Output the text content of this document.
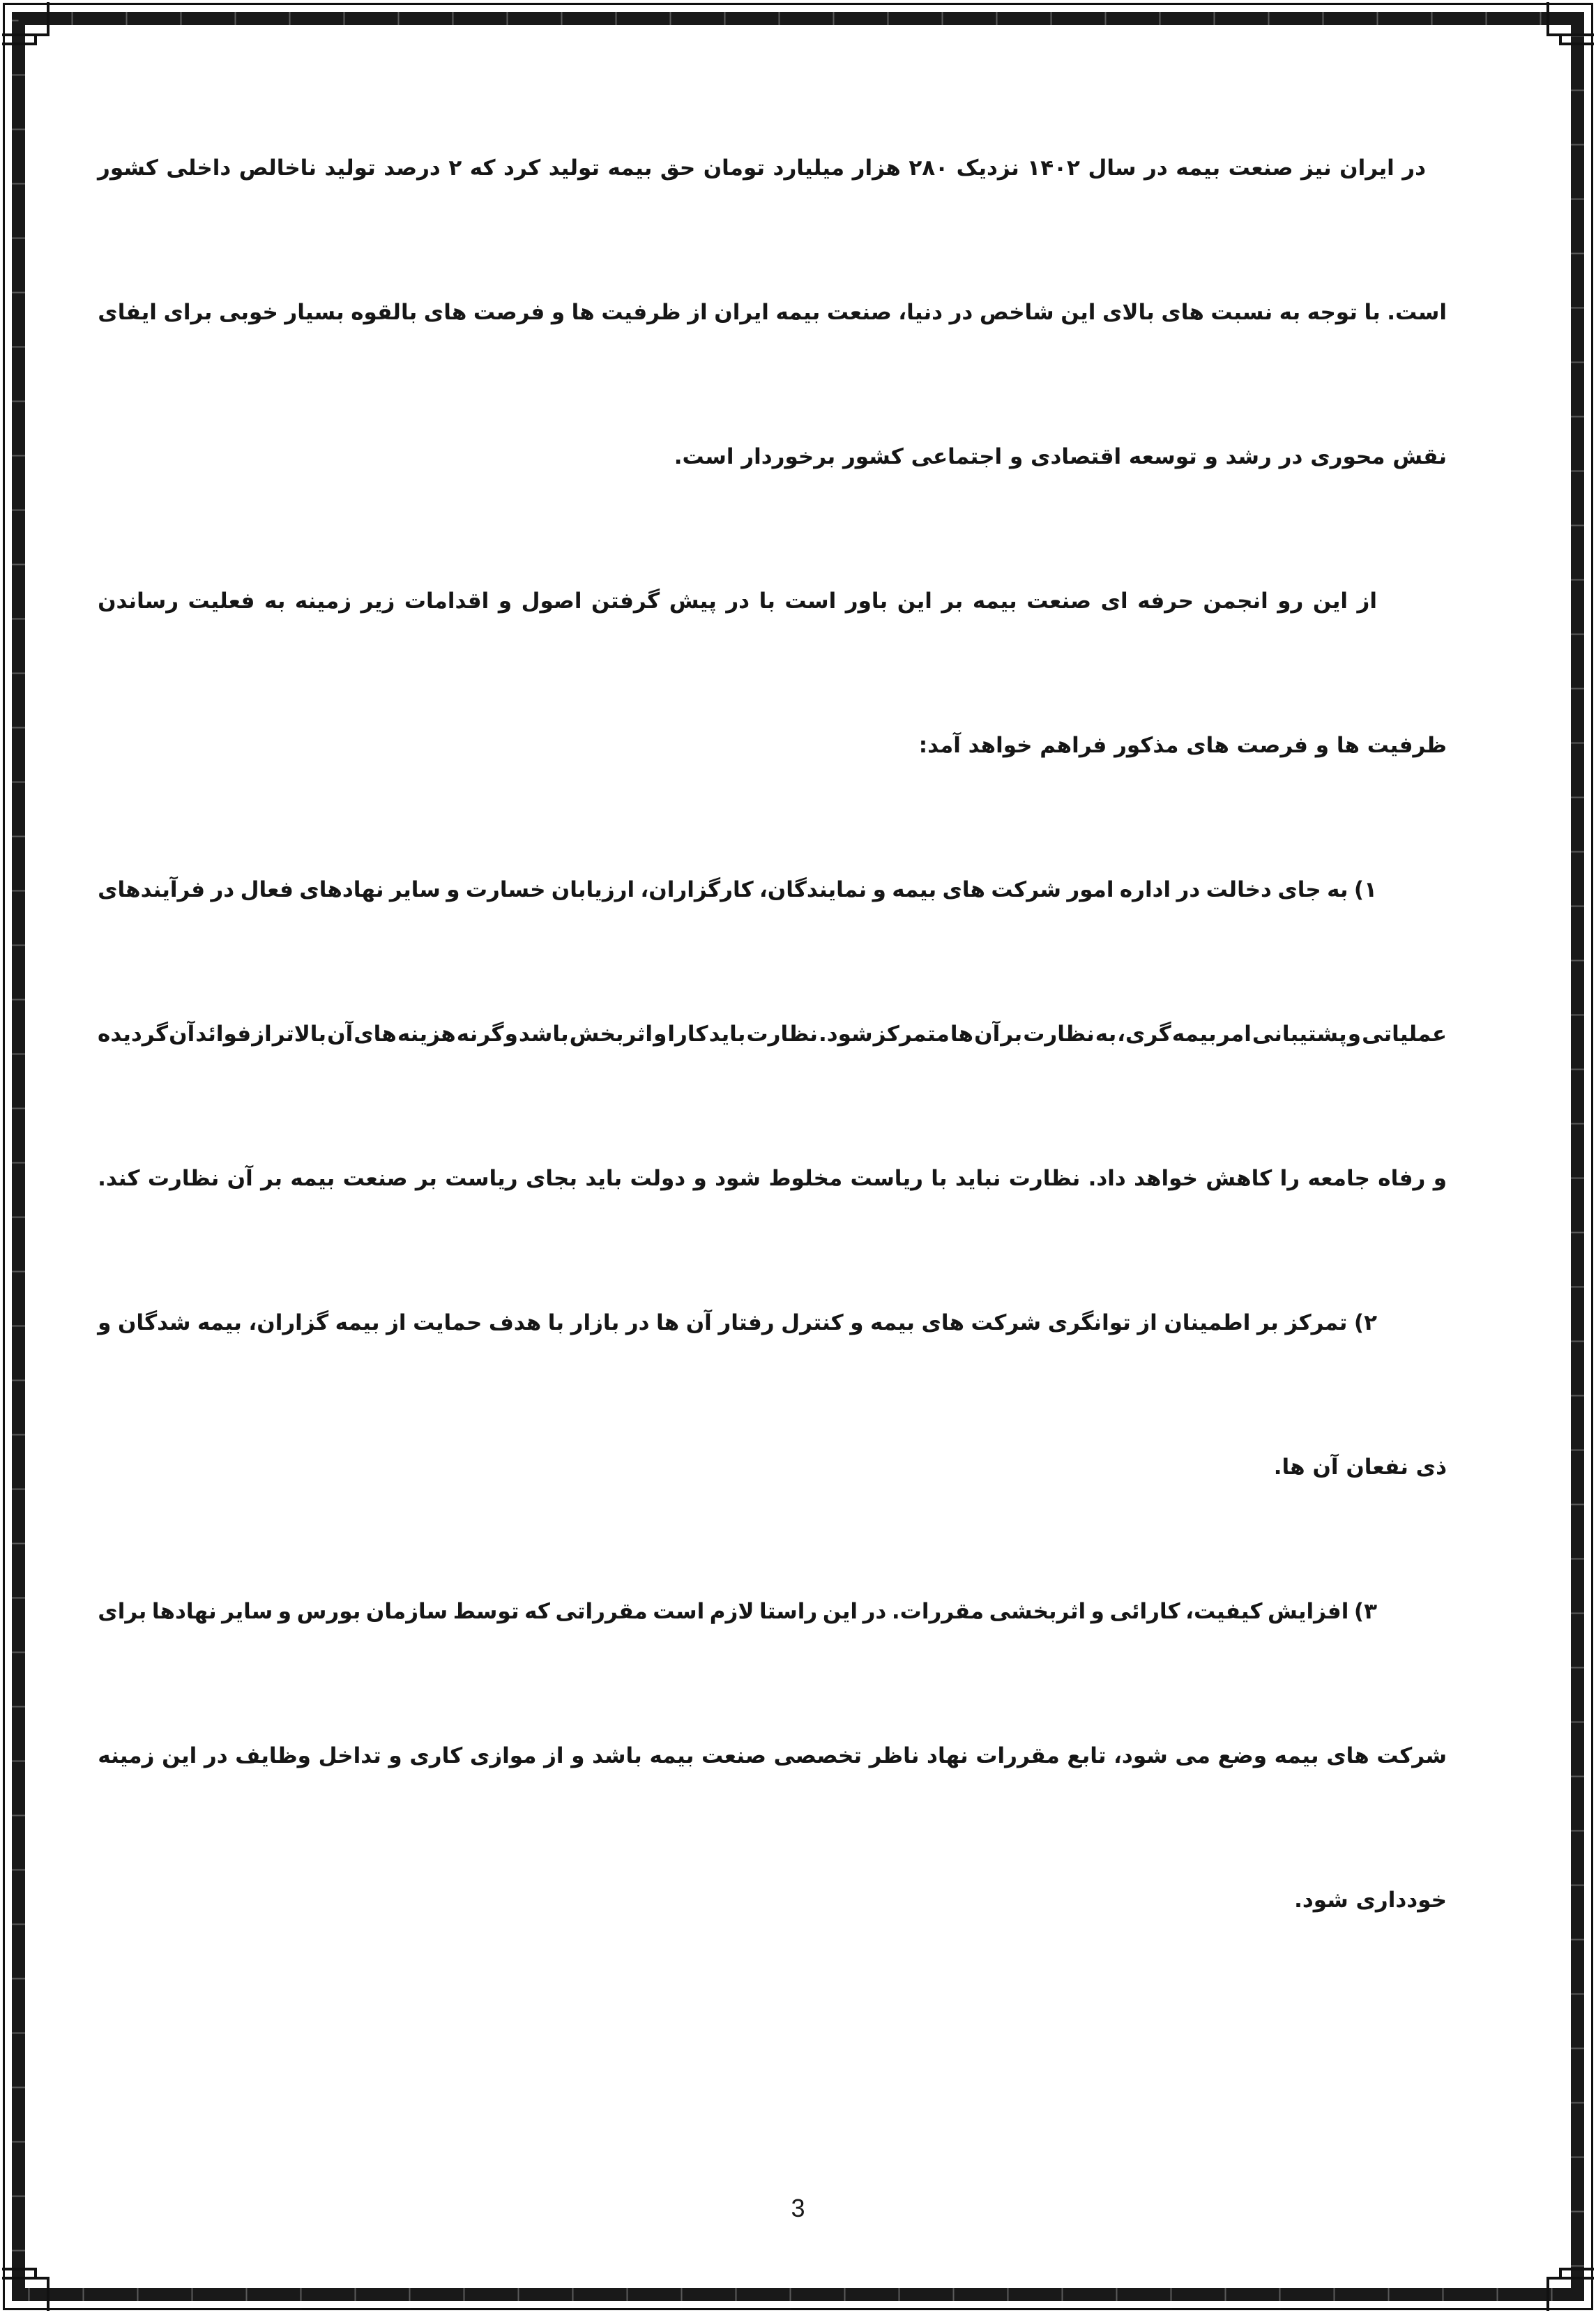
در
ایران
نیز
صنعت
بیمه
در
سال
۱۴۰۲
نزدیک
۲۸۰
هزار
میلیارد
تومان
حق
بیمه
تولید
کرد
که
۲
درصد
تولید
ناخالص
داخلی
کشور
است.
با
توجه
به
نسبت
های
بالای
این
شاخص
در
دنیا،
صنعت
بیمه
ایران
از
ظرفیت
ها
و
فرصت
های
بالقوه
بسیار
خوبی
برای
ایفای
نقش محوری در رشد و توسعه اقتصادی و اجتماعی کشور برخوردار است.
از
این
رو
انجمن
حرفه
ای
صنعت
بیمه
بر
این
باور
است
با
در
پیش
گرفتن
اصول
و
اقدامات
زیر
زمینه
به
فعلیت
رساندن
ظرفیت ها و فرصت های مذکور فراهم خواهد آمد:
۱)
به
جای
دخالت
در
اداره
امور
شرکت
های
بیمه
و
نمایندگان،
کارگزاران،
ارزیابان
خسارت
و
سایر
نهادهای
فعال
در
فرآیندهای
عملیاتی
و
پشتیبانی
امر
بیمه
گری،
به
نظارت
بر
آن
ها
متمرکز
شود.
نظارت
باید
کارا
و
اثربخش
باشد
و
گرنه
هزینه
های
آن
بالاتر
از
فوائد
آن
گردیده
و
رفاه
جامعه
را
کاهش
خواهد
داد.
نظارت
نباید
با
ریاست
مخلوط
شود
و
دولت
باید
بجای
ریاست
بر
صنعت
بیمه
بر
آن
نظارت
کند.
۲)
تمرکز
بر
اطمینان
از
توانگری
شرکت
های
بیمه
و
کنترل
رفتار
آن
ها
در
بازار
با
هدف
حمایت
از
بیمه
گزاران،
بیمه
شدگان
و
ذی نفعان آن ها.
۳)
افزایش
کیفیت،
کارائی
و
اثربخشی
مقررات.
در
این
راستا
لازم
است
مقرراتی
که
توسط
سازمان
بورس
و
سایر
نهادها
برای
شرکت
های
بیمه
وضع
می
شود،
تابع
مقررات
نهاد
ناظر
تخصصی
صنعت
بیمه
باشد
و
از
موازی
کاری
و
تداخل
وظایف
در
این
زمینه
خودداری شود.
3
